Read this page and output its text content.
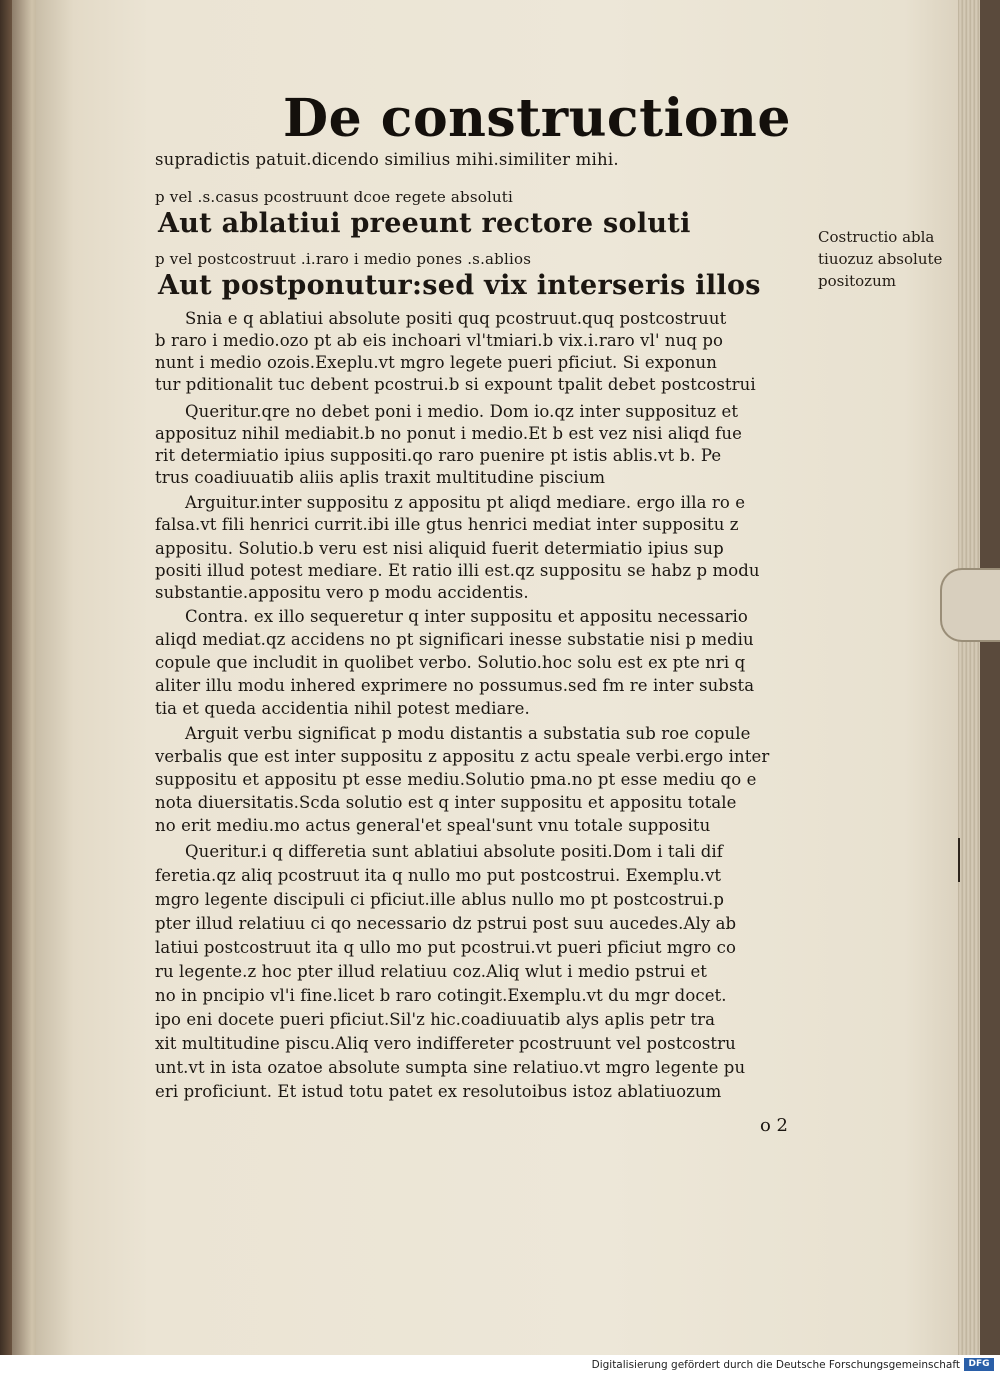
De constructione
supradictis patuit.dicendo similius mihi.similiter mihi.
p vel .s.casus pcostruunt dcoe regete absoluti
Aut ablatiui preeunt rectore soluti
p vel postcostruut .i.raro i medio pones .s.ablios
Aut postponutur:sed vix interseris illos
Snia e q ablatiui absolute positi quq pcostruut.quq postcostruut
b raro i medio.ozo pt ab eis inchoari vl'tmiari.b vix.i.raro vl' nuq po
nunt i medio ozois.Exeplu.vt mgro legete pueri pficiut. Si exponun
tur pditionalit tuc debent pcostrui.b si expount tpalit debet postcostrui
Queritur.qre no debet poni i medio. Dom io.qz inter supposituz et
apposituz nihil mediabit.b no ponut i medio.Et b est vez nisi aliqd fue
rit determiatio ipius suppositi.qo raro puenire pt istis ablis.vt b. Pe
trus coadiuuatib aliis aplis traxit multitudine piscium
Arguitur.inter suppositu z appositu pt aliqd mediare. ergo illa ro e
falsa.vt fili henrici currit.ibi ille gtus henrici mediat inter suppositu z
appositu. Solutio.b veru est nisi aliquid fuerit determiatio ipius sup
positi illud potest mediare. Et ratio illi est.qz suppositu se habz p modu
substantie.appositu vero p modu accidentis.
Contra. ex illo sequeretur q inter suppositu et appositu necessario
aliqd mediat.qz accidens no pt significari inesse substatie nisi p mediu
copule que includit in quolibet verbo. Solutio.hoc solu est ex pte nri q
aliter illu modu inhered exprimere no possumus.sed fm re inter substa
tia et queda accidentia nihil potest mediare.
Arguit verbu significat p modu distantis a substatia sub roe copule
verbalis que est inter suppositu z appositu z actu speale verbi.ergo inter
suppositu et appositu pt esse mediu.Solutio pma.no pt esse mediu qo e
nota diuersitatis.Scda solutio est q inter suppositu et appositu totale
no erit mediu.mo actus general'et speal'sunt vnu totale suppositu
Queritur.i q differetia sunt ablatiui absolute positi.Dom i tali dif
feretia.qz aliq pcostruut ita q nullo mo put postcostrui. Exemplu.vt
mgro legente discipuli ci pficiut.ille ablus nullo mo pt postcostrui.p
pter illud relatiuu ci qo necessario dz pstrui post suu aucedes.Aly ab
latiui postcostruut ita q ullo mo put pcostrui.vt pueri pficiut mgro co
ru legente.z hoc pter illud relatiuu coz.Aliq wlut i medio pstrui et
no in pncipio vl'i fine.licet b raro cotingit.Exemplu.vt du mgr docet.
ipo eni docete pueri pficiut.Sil'z hic.coadiuuatib alys aplis petr tra
xit multitudine piscu.Aliq vero indiffereter pcostruunt vel postcostru
unt.vt in ista ozatoe absolute sumpta sine relatiuo.vt mgro legente pu
eri proficiunt. Et istud totu patet ex resolutoibus istoz ablatiuozum
Costructio abla
tiuozuz absolute
positozum
o 2
Digitalisierung gefördert durch die Deutsche Forschungsgemeinschaft DFG
